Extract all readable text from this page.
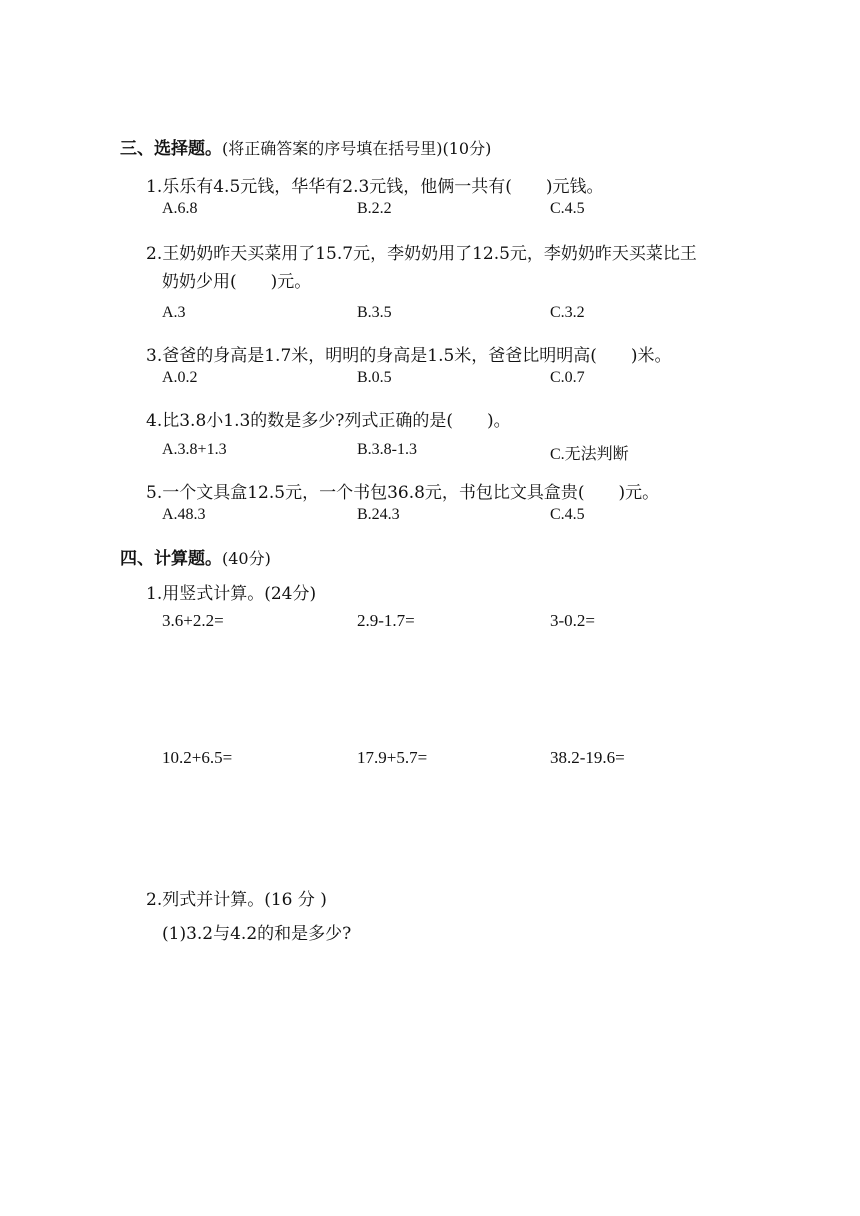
三、选择题。(将正确答案的序号填在括号里)(10分)
1.乐乐有4.5元钱，华华有2.3元钱，他俩一共有(　　)元钱。
A.6.8	B.2.2	C.4.5
2.王奶奶昨天买菜用了15.7元，李奶奶用了12.5元，李奶奶昨天买菜比王
奶奶少用(　　)元。
A.3	B.3.5	C.3.2
3.爸爸的身高是1.7米，明明的身高是1.5米，爸爸比明明高(　　)米。
A.0.2	B.0.5	C.0.7
4.比3.8小1.3的数是多少?列式正确的是(　　)。
A.3.8+1.3	B.3.8-1.3	C.无法判断
5.一个文具盒12.5元，一个书包36.8元，书包比文具盒贵(　　)元。
A.48.3	B.24.3	C.4.5
四、计算题。(40分)
1.用竖式计算。(24分)
3.6+2.2=	2.9-1.7=	3-0.2=
10.2+6.5=	17.9+5.7=	38.2-19.6=
2.列式并计算。(16 分 )
(1)3.2与4.2的和是多少?
